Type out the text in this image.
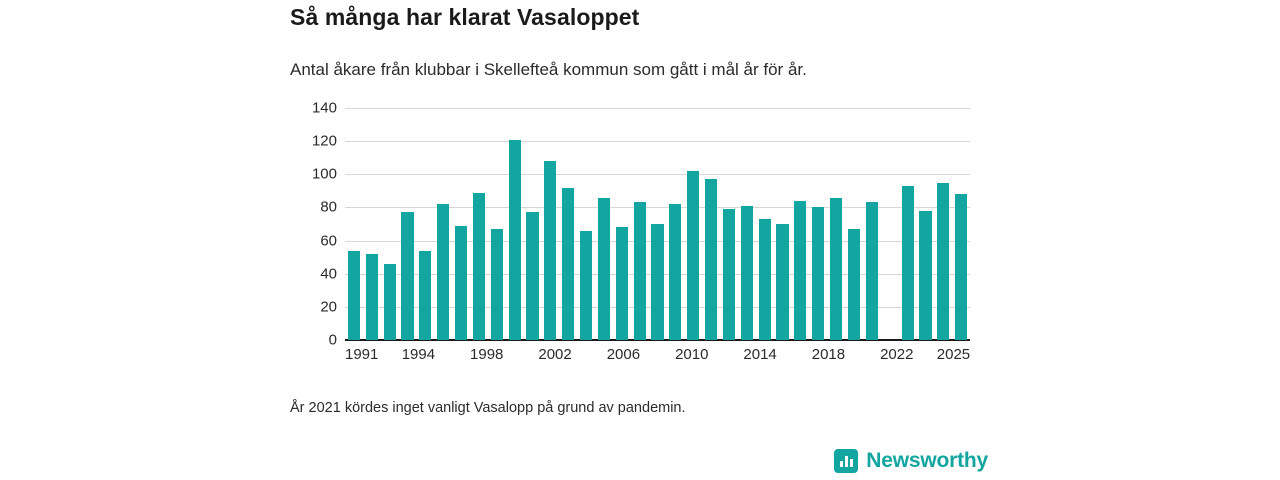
Så många har klarat Vasaloppet
Antal åkare från klubbar i Skellefteå kommun som gått i mål år för år.
0
20
40
60
80
100
120
140
1991 1994 1998 2002 2006 2010 2014 2018 2022 2025
År 2021 kördes inget vanligt Vasalopp på grund av pandemin.
Newsworthy
